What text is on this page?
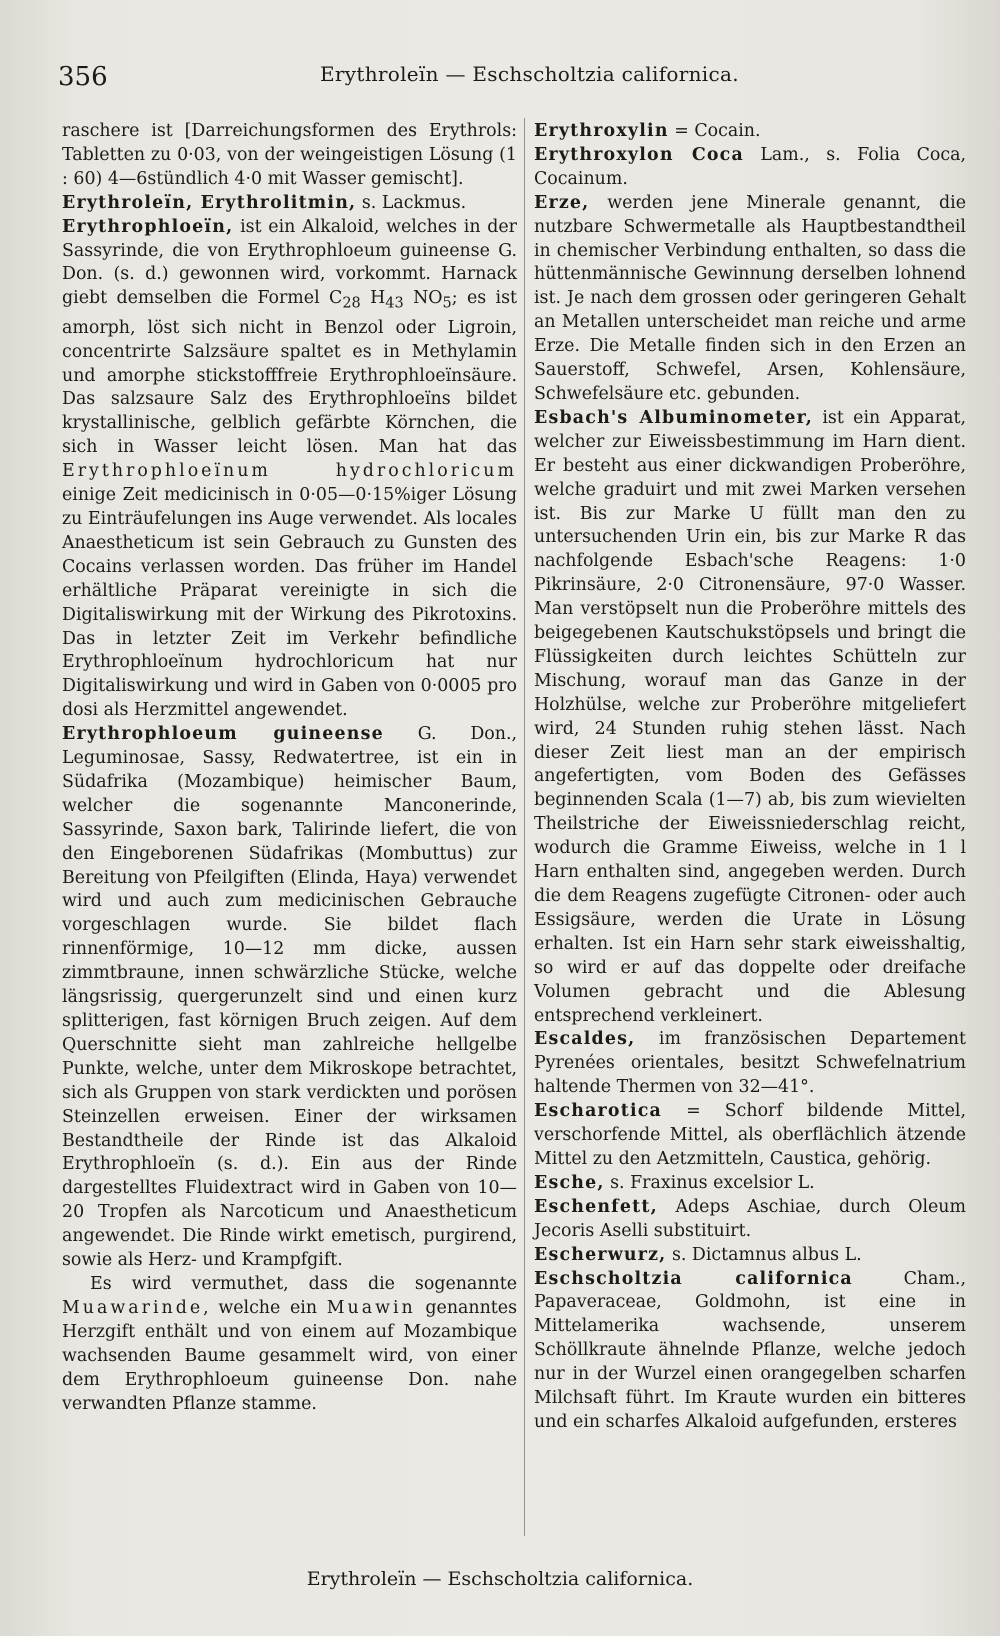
356	Erythroleïn — Eschscholtzia californica.

raschere ist [Darreichungsformen des Erythrols: Tabletten zu 0·03, von der weingeistigen Lösung (1 : 60) 4—6stündlich 4·0 mit Wasser gemischt].

Erythroleïn, Erythrolitmin, s. Lackmus.

Erythrophloeïn, ist ein Alkaloid, welches in der Sassyrinde, die von Erythrophloeum guineense G. Don. (s. d.) gewonnen wird, vorkommt. Harnack giebt demselben die Formel $C_{28}$ $H_{43}$ $NO_5$; es ist amorph, löst sich nicht in Benzol oder Ligroin, concentrirte Salzsäure spaltet es in Methylamin und amorphe stickstofffreie Erythrophloeïnsäure. Das salzsaure Salz des Erythrophloeïns bildet krystallinische, gelblich gefärbte Körnchen, die sich in Wasser leicht lösen. Man hat das Erythrophloeïnum hydrochloricum einige Zeit medicinisch in 0·05—0·15%iger Lösung zu Einträufelungen ins Auge verwendet. Als locales Anaestheticum ist sein Gebrauch zu Gunsten des Cocains verlassen worden. Das früher im Handel erhältliche Präparat vereinigte in sich die Digitaliswirkung mit der Wirkung des Pikrotoxins. Das in letzter Zeit im Verkehr befindliche Erythrophloeïnum hydrochloricum hat nur Digitaliswirkung und wird in Gaben von 0·0005 pro dosi als Herzmittel angewendet.

Erythrophloeum guineense G. Don., Leguminosae, Sassy, Redwatertree, ist ein in Südafrika (Mozambique) heimischer Baum, welcher die sogenannte Manconerinde, Sassyrinde, Saxon bark, Talirinde liefert, die von den Eingeborenen Südafrikas (Mombuttus) zur Bereitung von Pfeilgiften (Elinda, Haya) verwendet wird und auch zum medicinischen Gebrauche vorgeschlagen wurde. Sie bildet flach rinnenförmige, 10—12 mm dicke, aussen zimmtbraune, innen schwärzliche Stücke, welche längsrissig, quergerunzelt sind und einen kurz splitterigen, fast körnigen Bruch zeigen. Auf dem Querschnitte sieht man zahlreiche hellgelbe Punkte, welche, unter dem Mikroskope betrachtet, sich als Gruppen von stark verdickten und porösen Steinzellen erweisen. Einer der wirksamen Bestandtheile der Rinde ist das Alkaloid Erythrophloeïn (s. d.). Ein aus der Rinde dargestelltes Fluidextract wird in Gaben von 10—20 Tropfen als Narcoticum und Anaestheticum angewendet. Die Rinde wirkt emetisch, purgirend, sowie als Herz- und Krampfgift.

Es wird vermuthet, dass die sogenannte Muawarinde, welche ein Muawin genanntes Herzgift enthält und von einem auf Mozambique wachsenden Baume gesammelt wird, von einer dem Erythrophloeum guineense Don. nahe verwandten Pflanze stamme.

Erythroxylin = Cocain.

Erythroxylon Coca Lam., s. Folia Coca, Cocainum.

Erze, werden jene Minerale genannt, die nutzbare Schwermetalle als Hauptbestandtheil in chemischer Verbindung enthalten, so dass die hüttenmännische Gewinnung derselben lohnend ist. Je nach dem grossen oder geringeren Gehalt an Metallen unterscheidet man reiche und arme Erze. Die Metalle finden sich in den Erzen an Sauerstoff, Schwefel, Arsen, Kohlensäure, Schwefelsäure etc. gebunden.

Esbach's Albuminometer, ist ein Apparat, welcher zur Eiweissbestimmung im Harn dient. Er besteht aus einer dickwandigen Proberöhre, welche graduirt und mit zwei Marken versehen ist. Bis zur Marke U füllt man den zu untersuchenden Urin ein, bis zur Marke R das nachfolgende Esbach'sche Reagens: 1·0 Pikrinsäure, 2·0 Citronensäure, 97·0 Wasser. Man verstöpselt nun die Proberöhre mittels des beigegebenen Kautschukstöpsels und bringt die Flüssigkeiten durch leichtes Schütteln zur Mischung, worauf man das Ganze in der Holzhülse, welche zur Proberöhre mitgeliefert wird, 24 Stunden ruhig stehen lässt. Nach dieser Zeit liest man an der empirisch angefertigten, vom Boden des Gefässes beginnenden Scala (1—7) ab, bis zum wievielten Theilstriche der Eiweissniederschlag reicht, wodurch die Gramme Eiweiss, welche in 1 l Harn enthalten sind, angegeben werden. Durch die dem Reagens zugefügte Citronen- oder auch Essigsäure, werden die Urate in Lösung erhalten. Ist ein Harn sehr stark eiweisshaltig, so wird er auf das doppelte oder dreifache Volumen gebracht und die Ablesung entsprechend verkleinert.

Escaldes, im französischen Departement Pyrenées orientales, besitzt Schwefelnatrium haltende Thermen von 32—41°.

Escharotica = Schorf bildende Mittel, verschorfende Mittel, als oberflächlich ätzende Mittel zu den Aetzmitteln, Caustica, gehörig.

Esche, s. Fraxinus excelsior L.

Eschenfett, Adeps Aschiae, durch Oleum Jecoris Aselli substituirt.

Escherwurz, s. Dictamnus albus L.

Eschscholtzia californica Cham., Papaveraceae, Goldmohn, ist eine in Mittelamerika wachsende, unserem Schöllkraute ähnelnde Pflanze, welche jedoch nur in der Wurzel einen orangegelben scharfen Milchsaft führt. Im Kraute wurden ein bitteres und ein scharfes Alkaloid aufgefunden, ersteres

Erythroleïn — Eschscholtzia californica.
